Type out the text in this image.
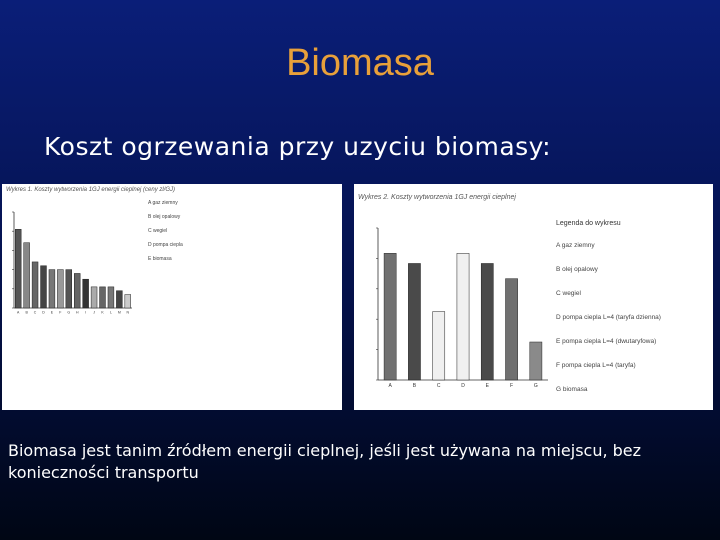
Biomasa
Koszt ogrzewania przy uzyciu biomasy:
Wykres 1. Koszty wytworzenia 1GJ energii cieplnej (ceny zl/GJ)
A B C D E F G H I J K L M N
A gaz ziemny
B olej opalowy
C wegiel
D pompa ciepla
E biomasa
Wykres 2. Koszty wytworzenia 1GJ energii cieplnej
A	B	C	D	E	F	G
Legenda do wykresu
A gaz ziemny
B olej opalowy
C wegiel
D pompa ciepla L=4 (taryfa dzienna)
E pompa ciepla L=4 (dwutaryfowa)
F pompa ciepla L=4 (taryfa)
G biomasa
Biomasa jest tanim źródłem energii cieplnej, jeśli jest używana na miejscu, bez konieczności transportu
